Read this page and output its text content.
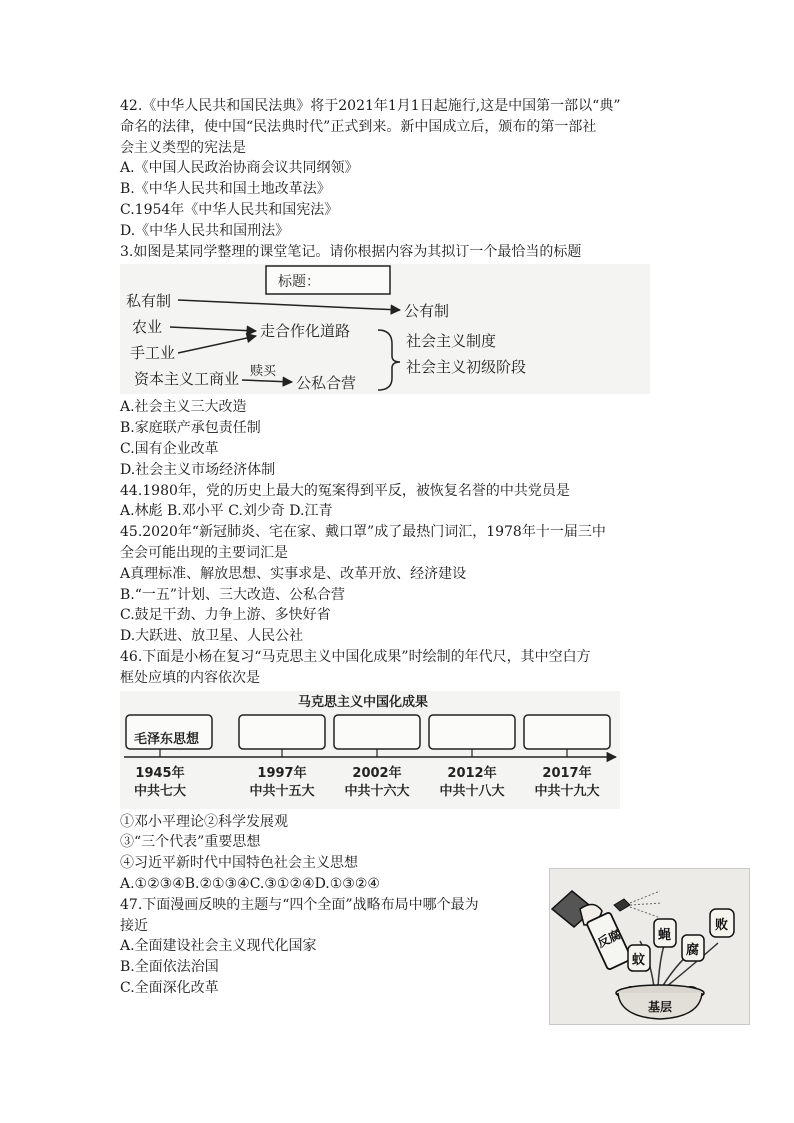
42.《中华人民共和国民法典》将于2021年1月1日起施行,这是中国第一部以“典”
命名的法律，使中国“民法典时代”正式到来。新中国成立后，颁布的第一部社
会主义类型的宪法是
A.《中国人民政治协商会议共同纲领》
B.《中华人民共和国土地改革法》
C.1954年《中华人民共和国宪法》
D.《中华人民共和国刑法》
3.如图是某同学整理的课堂笔记。请你根据内容为其拟订一个最恰当的标题
标题：
私有制
农业
手工业
资本主义工商业
公有制
走合作化道路
赎买
公私合营
社会主义制度
社会主义初级阶段
A.社会主义三大改造
B.家庭联产承包责任制
C.国有企业改革
D.社会主义市场经济体制
44.1980年，党的历史上最大的冤案得到平反，被恢复名誉的中共党员是
A.林彪 B.邓小平 C.刘少奇 D.江青
45.2020年“新冠肺炎、宅在家、戴口罩”成了最热门词汇，1978年十一届三中
全会可能出现的主要词汇是
A真理标准、解放思想、实事求是、改革开放、经济建设
B.“一五”计划、三大改造、公私合营
C.鼓足干劲、力争上游、多快好省
D.大跃进、放卫星、人民公社
46.下面是小杨在复习“马克思主义中国化成果”时绘制的年代尺，其中空白方
框处应填的内容依次是
马克思主义中国化成果
毛泽东思想
1945年
中共七大
1997年
中共十五大
2002年
中共十六大
2012年
中共十八大
2017年
中共十九大
①邓小平理论②科学发展观
③“三个代表”重要思想
④习近平新时代中国特色社会主义思想
A.①②③④B.②①③④C.③①②④D.①③②④
47.下面漫画反映的主题与“四个全面”战略布局中哪个最为
接近
A.全面建设社会主义现代化国家
B.全面依法治国
C.全面深化改革
反腐
蚊
蝇
腐
败
基层
